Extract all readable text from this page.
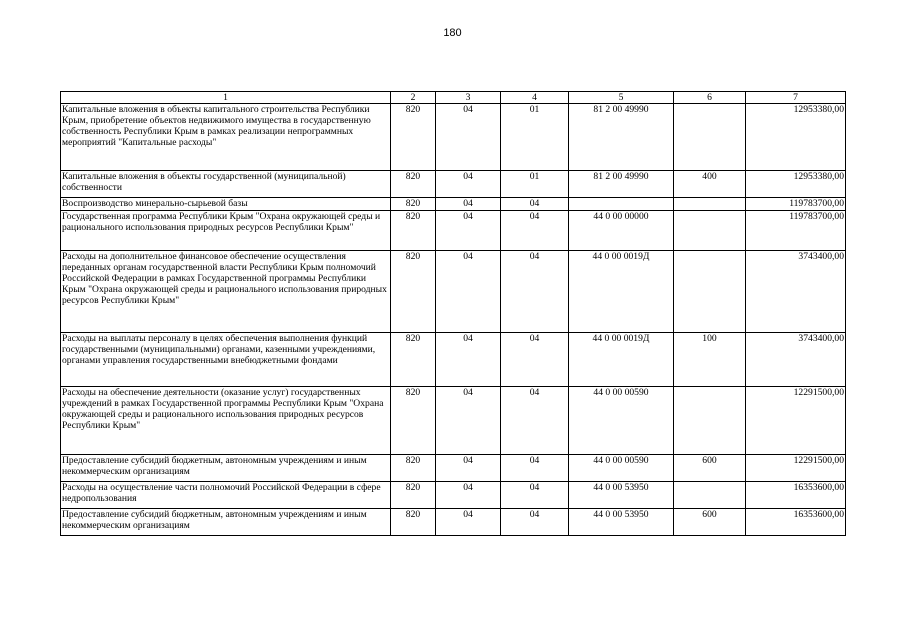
180
1	2	3	4	5	6	7
Капитальные вложения в объекты капитального строительства Республики Крым, приобретение объектов недвижимого имущества в государственную собственность Республики Крым в рамках реализации непрограммных мероприятий "Капитальные расходы"	820	04	01	81 2 00 49990		12953380,00
Капитальные вложения в объекты государственной (муниципальной) собственности	820	04	01	81 2 00 49990	400	12953380,00
Воспроизводство минерально-сырьевой базы	820	04	04			119783700,00
Государственная программа Республики Крым "Охрана окружающей среды и рационального использования природных ресурсов Республики Крым"	820	04	04	44 0 00 00000		119783700,00
Расходы на дополнительное финансовое обеспечение осуществления переданных органам государственной власти Республики Крым полномочий Российской Федерации в рамках Государственной программы Республики Крым "Охрана окружающей среды и рационального использования природных ресурсов Республики Крым"	820	04	04	44 0 00 0019Д		3743400,00
Расходы на выплаты персоналу в целях обеспечения выполнения функций государственными (муниципальными) органами, казенными учреждениями, органами управления государственными внебюджетными фондами	820	04	04	44 0 00 0019Д	100	3743400,00
Расходы на обеспечение деятельности (оказание услуг) государственных учреждений в рамках Государственной программы Республики Крым "Охрана окружающей среды и рационального использования природных ресурсов Республики Крым"	820	04	04	44 0 00 00590		12291500,00
Предоставление субсидий бюджетным, автономным учреждениям и иным некоммерческим организациям	820	04	04	44 0 00 00590	600	12291500,00
Расходы на осуществление части полномочий Российской Федерации в сфере недропользования	820	04	04	44 0 00 53950		16353600,00
Предоставление субсидий бюджетным, автономным учреждениям и иным некоммерческим организациям	820	04	04	44 0 00 53950	600	16353600,00
